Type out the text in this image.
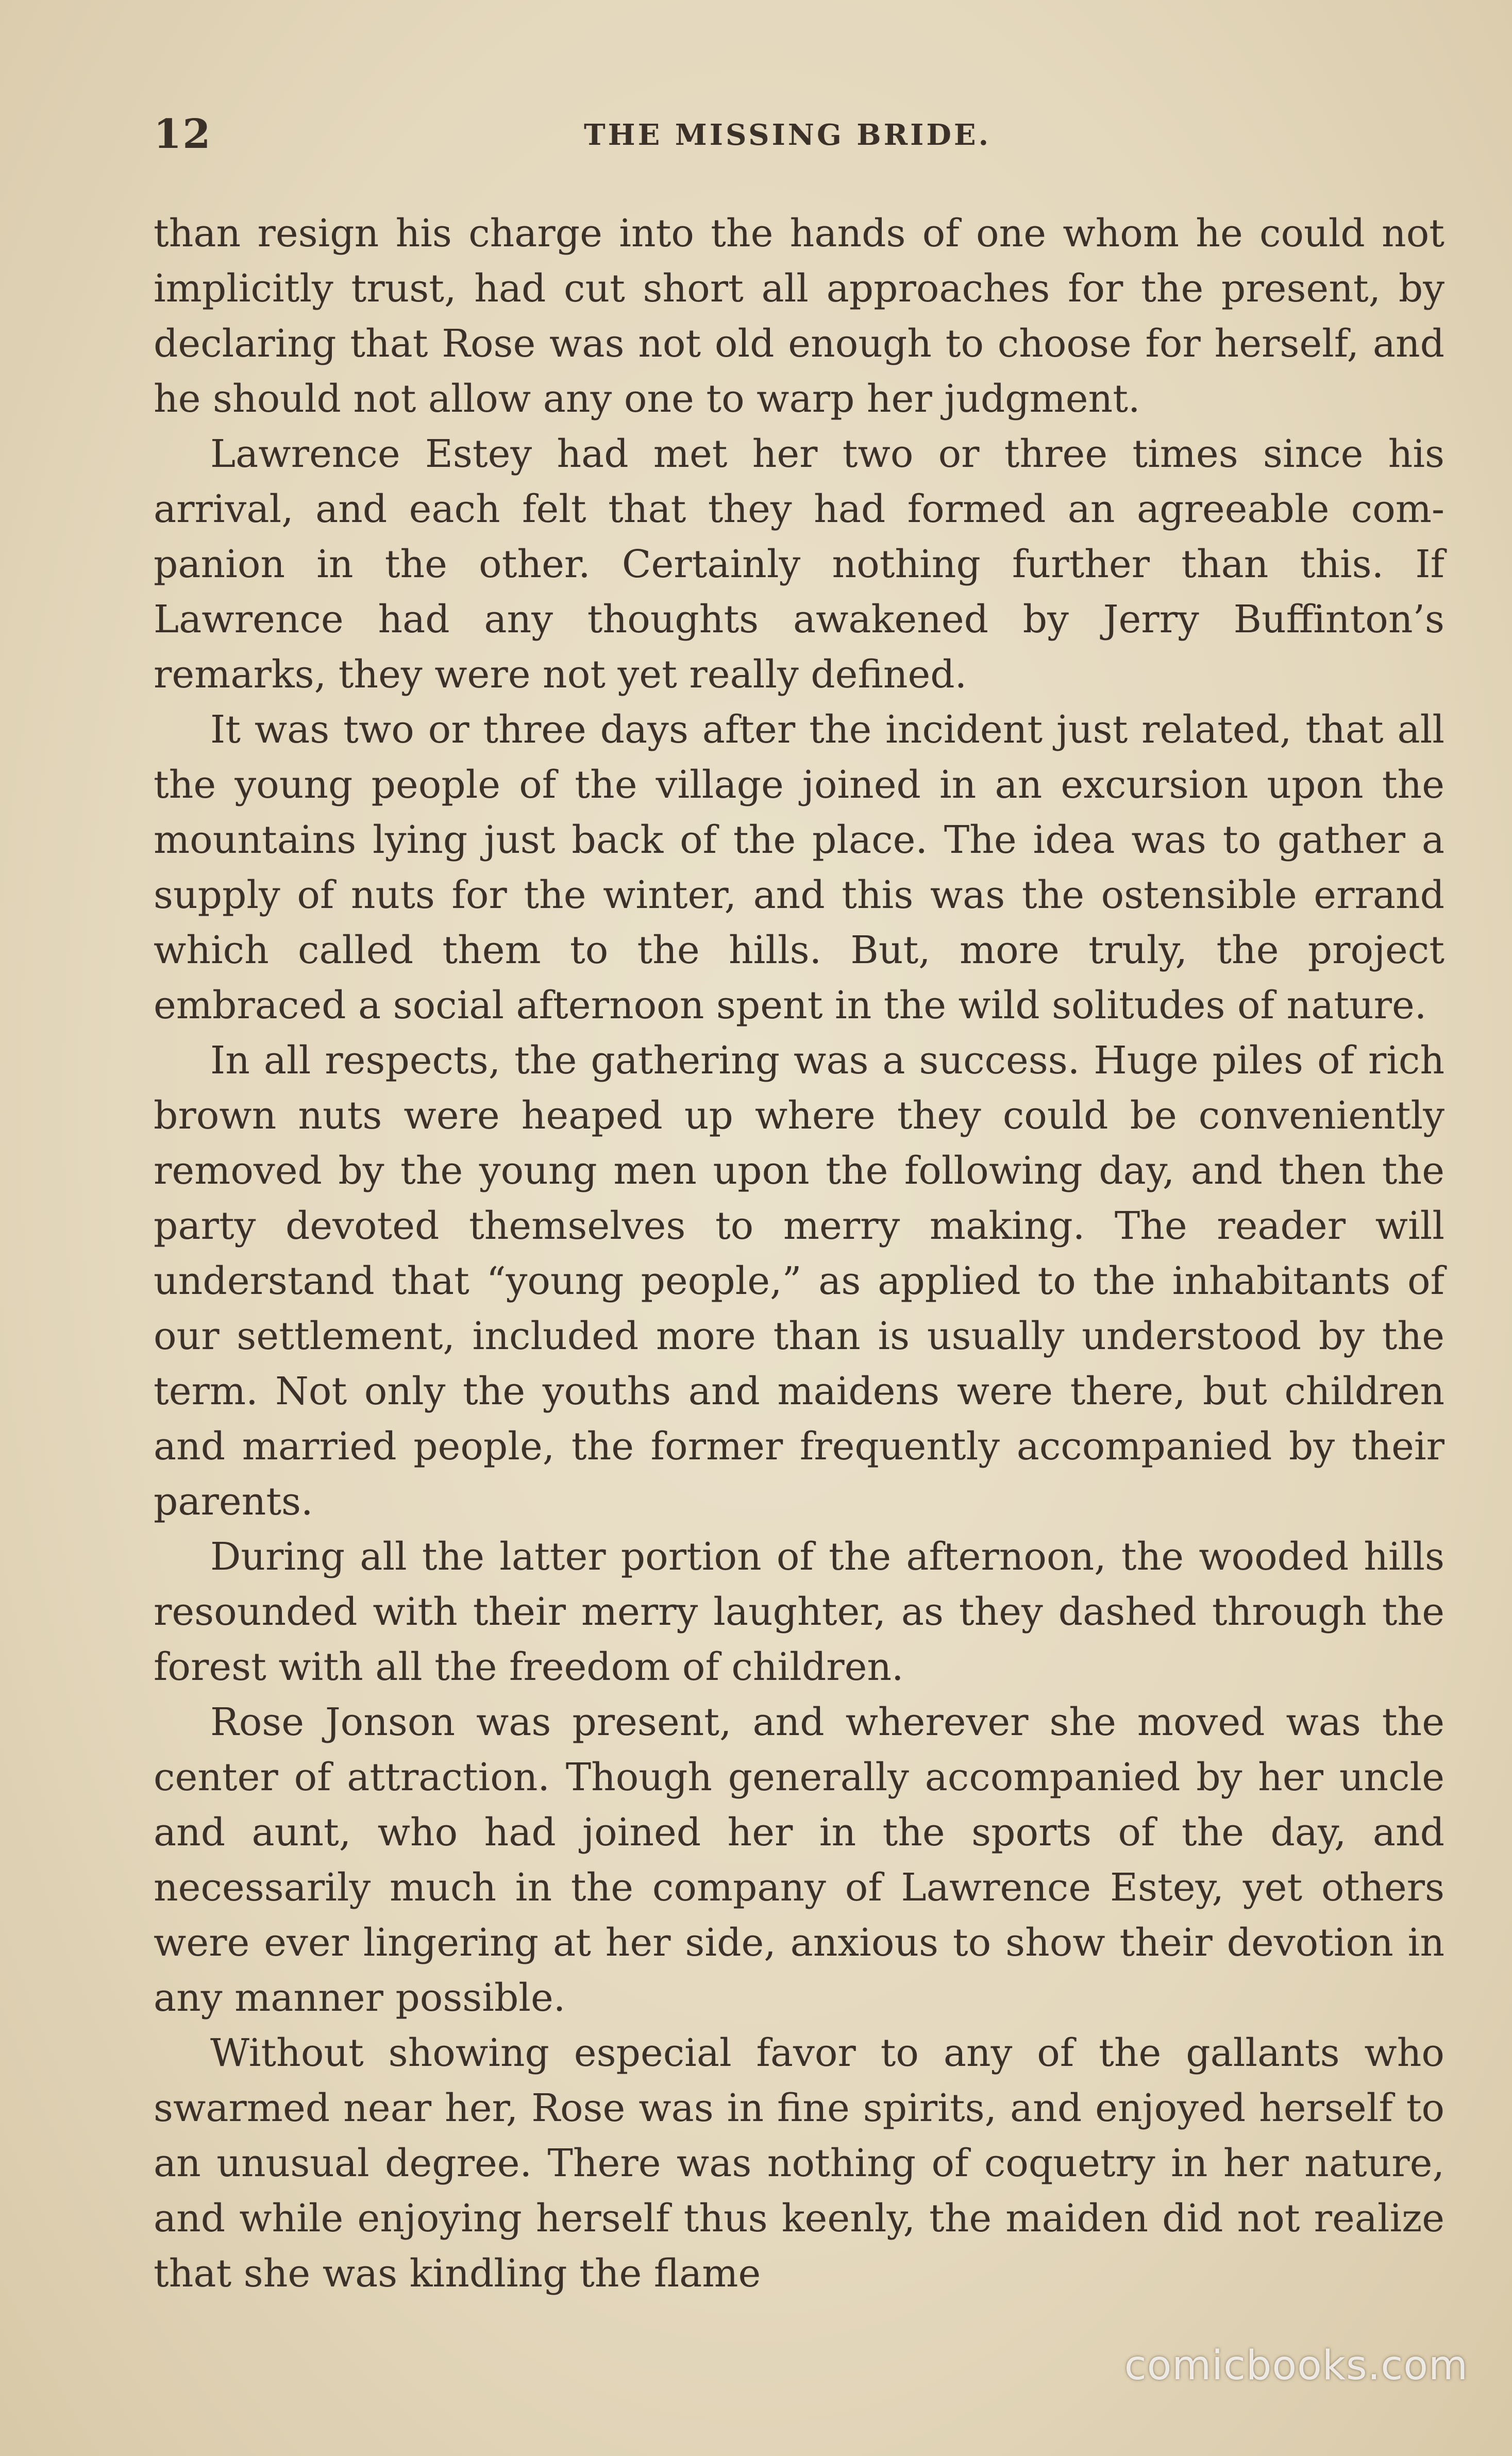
12	THE MISSING BRIDE.

than resign his charge into the hands of one whom he could not implicitly trust, had cut short all approaches for the present, by declaring that Rose was not old enough to choose for herself, and he should not allow any one to warp her judgment.

Lawrence Estey had met her two or three times since his arrival, and each felt that they had formed an agreeable companion in the other. Certainly nothing further than this. If Lawrence had any thoughts awakened by Jerry Buffinton’s remarks, they were not yet really defined.

It was two or three days after the incident just related, that all the young people of the village joined in an excursion upon the mountains lying just back of the place. The idea was to gather a supply of nuts for the winter, and this was the ostensible errand which called them to the hills. But, more truly, the project embraced a social afternoon spent in the wild solitudes of nature.

In all respects, the gathering was a success. Huge piles of rich brown nuts were heaped up where they could be conveniently removed by the young men upon the following day, and then the party devoted themselves to merry making. The reader will understand that “young people,” as applied to the inhabitants of our settlement, included more than is usually understood by the term. Not only the youths and maidens were there, but children and married people, the former frequently accompanied by their parents.

During all the latter portion of the afternoon, the wooded hills resounded with their merry laughter, as they dashed through the forest with all the freedom of children.

Rose Jonson was present, and wherever she moved was the center of attraction. Though generally accompanied by her uncle and aunt, who had joined her in the sports of the day, and necessarily much in the company of Lawrence Estey, yet others were ever lingering at her side, anxious to show their devotion in any manner possible.

Without showing especial favor to any of the gallants who swarmed near her, Rose was in fine spirits, and enjoyed herself to an unusual degree. There was nothing of coquetry in her nature, and while enjoying herself thus keenly, the maiden did not realize that she was kindling the flame

comicbooks.com
